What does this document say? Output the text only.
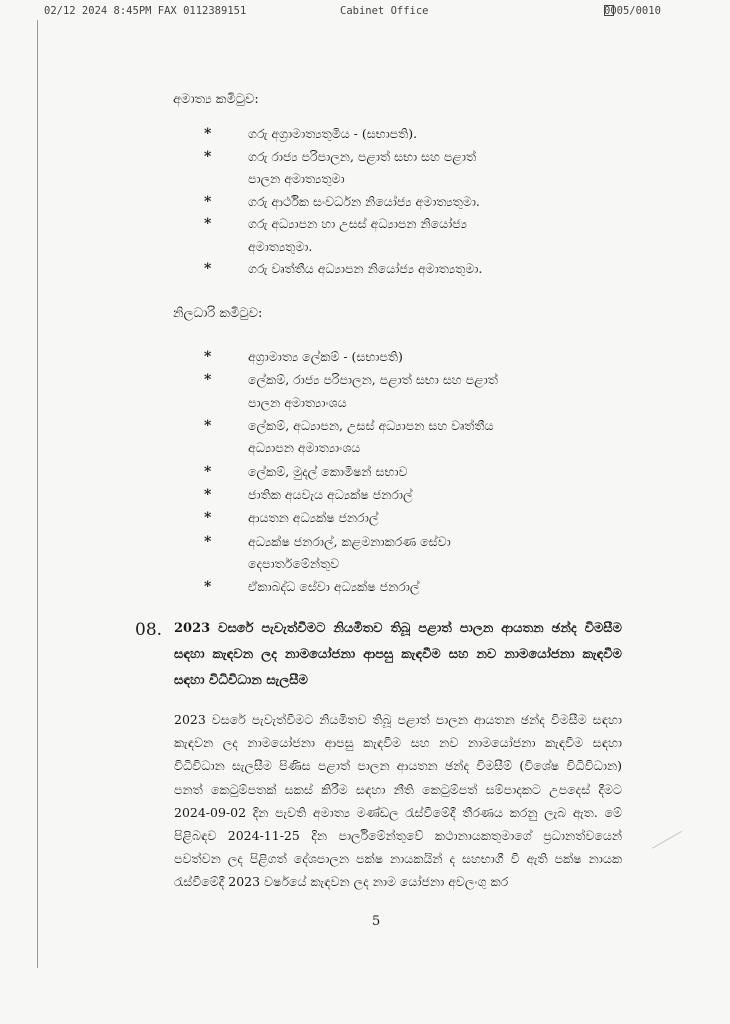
02/12 2024 8:45PM FAX 0112389151	Cabinet Office	0005/0010
අමාත්‍ය කමිටුව:
*	ගරු අග්‍රාමාත්‍යතුමිය - (සභාපති).
*	ගරු රාජ්‍ය පරිපාලන, පළාත් සභා සහ පළාත්
පාලන අමාත්‍යතුමා
*	ගරු ආර්ථික සංවර්ධන නියෝජ්‍ය අමාත්‍යතුමා.
*	ගරු අධ්‍යාපන හා උසස් අධ්‍යාපන නියෝජ්‍ය
අමාත්‍යතුමා.
*	ගරු වෘත්තීය අධ්‍යාපන නියෝජ්‍ය අමාත්‍යතුමා.
නිලධාරි කමිටුව:
*	අග්‍රාමාත්‍ය ලේකම් - (සභාපති)
*	ලේකම්, රාජ්‍ය පරිපාලන, පළාත් සභා සහ පළාත්
පාලන අමාත්‍යාංශය
*	ලේකම්, අධ්‍යාපන, උසස් අධ්‍යාපන සහ වෘත්තීය
අධ්‍යාපන අමාත්‍යාංශය
*	ලේකම්, මුදල් කොමිෂන් සභාව
*	ජාතික අයවැය අධ්‍යක්ෂ ජනරාල්
*	ආයතන අධ්‍යක්ෂ ජනරාල්
*	අධ්‍යක්ෂ ජනරාල්, කළමනාකරණ සේවා
දෙපාර්තමේන්තුව
*	ඒකාබද්ධ සේවා අධ්‍යක්ෂ ජනරාල්
08. 2023 වසරේ පැවැත්වීමට නියමිතව තිබූ පළාත් පාලන ආයතන ඡන්ද විමසීම සඳහා කැඳවන ලද නාමයෝජනා ආපසු කැඳවීම සහ නව නාමයෝජනා කැඳවීම සඳහා විධිවිධාන සැලසීම
2023 වසරේ පැවැත්වීමට නියමිතව තිබූ පළාත් පාලන ආයතන ඡන්ද විමසීම සඳහා කැඳවන ලද නාමයෝජනා ආපසු කැඳවීම සහ නව නාමයෝජනා කැඳවීම සඳහා විධිවිධාන සැලසීම පිණිස පළාත් පාලන ආයතන ඡන්ද විමසීම් (විශේෂ විධිවිධාන) පනත් කෙටුම්පතක් සකස් කිරීම සඳහා නීති කෙටුම්පත් සම්පාදකට උපදෙස් දීමට 2024-09-02 දින පැවති අමාත්‍ය මණ්ඩල රැස්වීමේදී තීරණය කරනු ලැබ ඇත. මේ පිළිබඳව 2024-11-25 දින පාර්ලිමේන්තුවේ කථානායකතුමාගේ ප්‍රධානත්වයෙන් පවත්වන ලද පිළිගත් දේශපාලන පක්ෂ නායකයින් ද සහභාගී වී ඇති පක්ෂ නායක රැස්වීමේදී 2023 වර්ෂයේ කැඳවන ලද නාම යෝජනා අවලංගු කර
5
